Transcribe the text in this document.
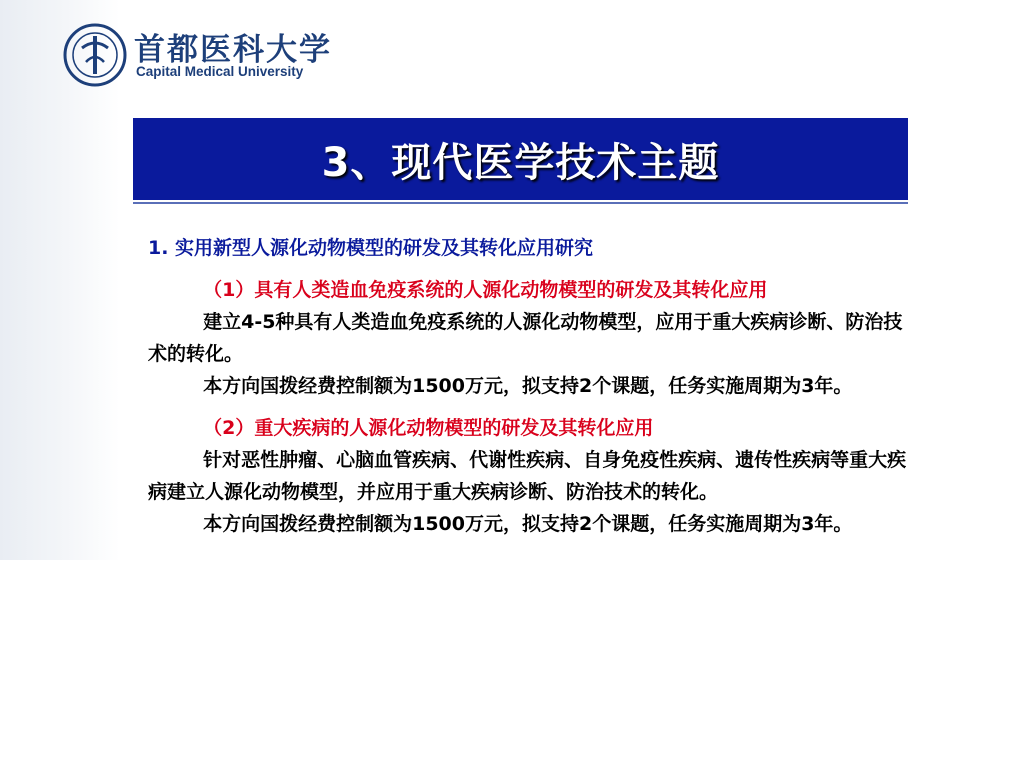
首都医科大学
Capital Medical University
3、现代医学技术主题

1. 实用新型人源化动物模型的研发及其转化应用研究

（1）具有人类造血免疫系统的人源化动物模型的研发及其转化应用

建立4-5种具有人类造血免疫系统的人源化动物模型，应用于重大疾病诊断、防治技术的转化。

本方向国拨经费控制额为1500万元，拟支持2个课题，任务实施周期为3年。

（2）重大疾病的人源化动物模型的研发及其转化应用

针对恶性肿瘤、心脑血管疾病、代谢性疾病、自身免疫性疾病、遗传性疾病等重大疾病建立人源化动物模型，并应用于重大疾病诊断、防治技术的转化。

本方向国拨经费控制额为1500万元，拟支持2个课题，任务实施周期为3年。
